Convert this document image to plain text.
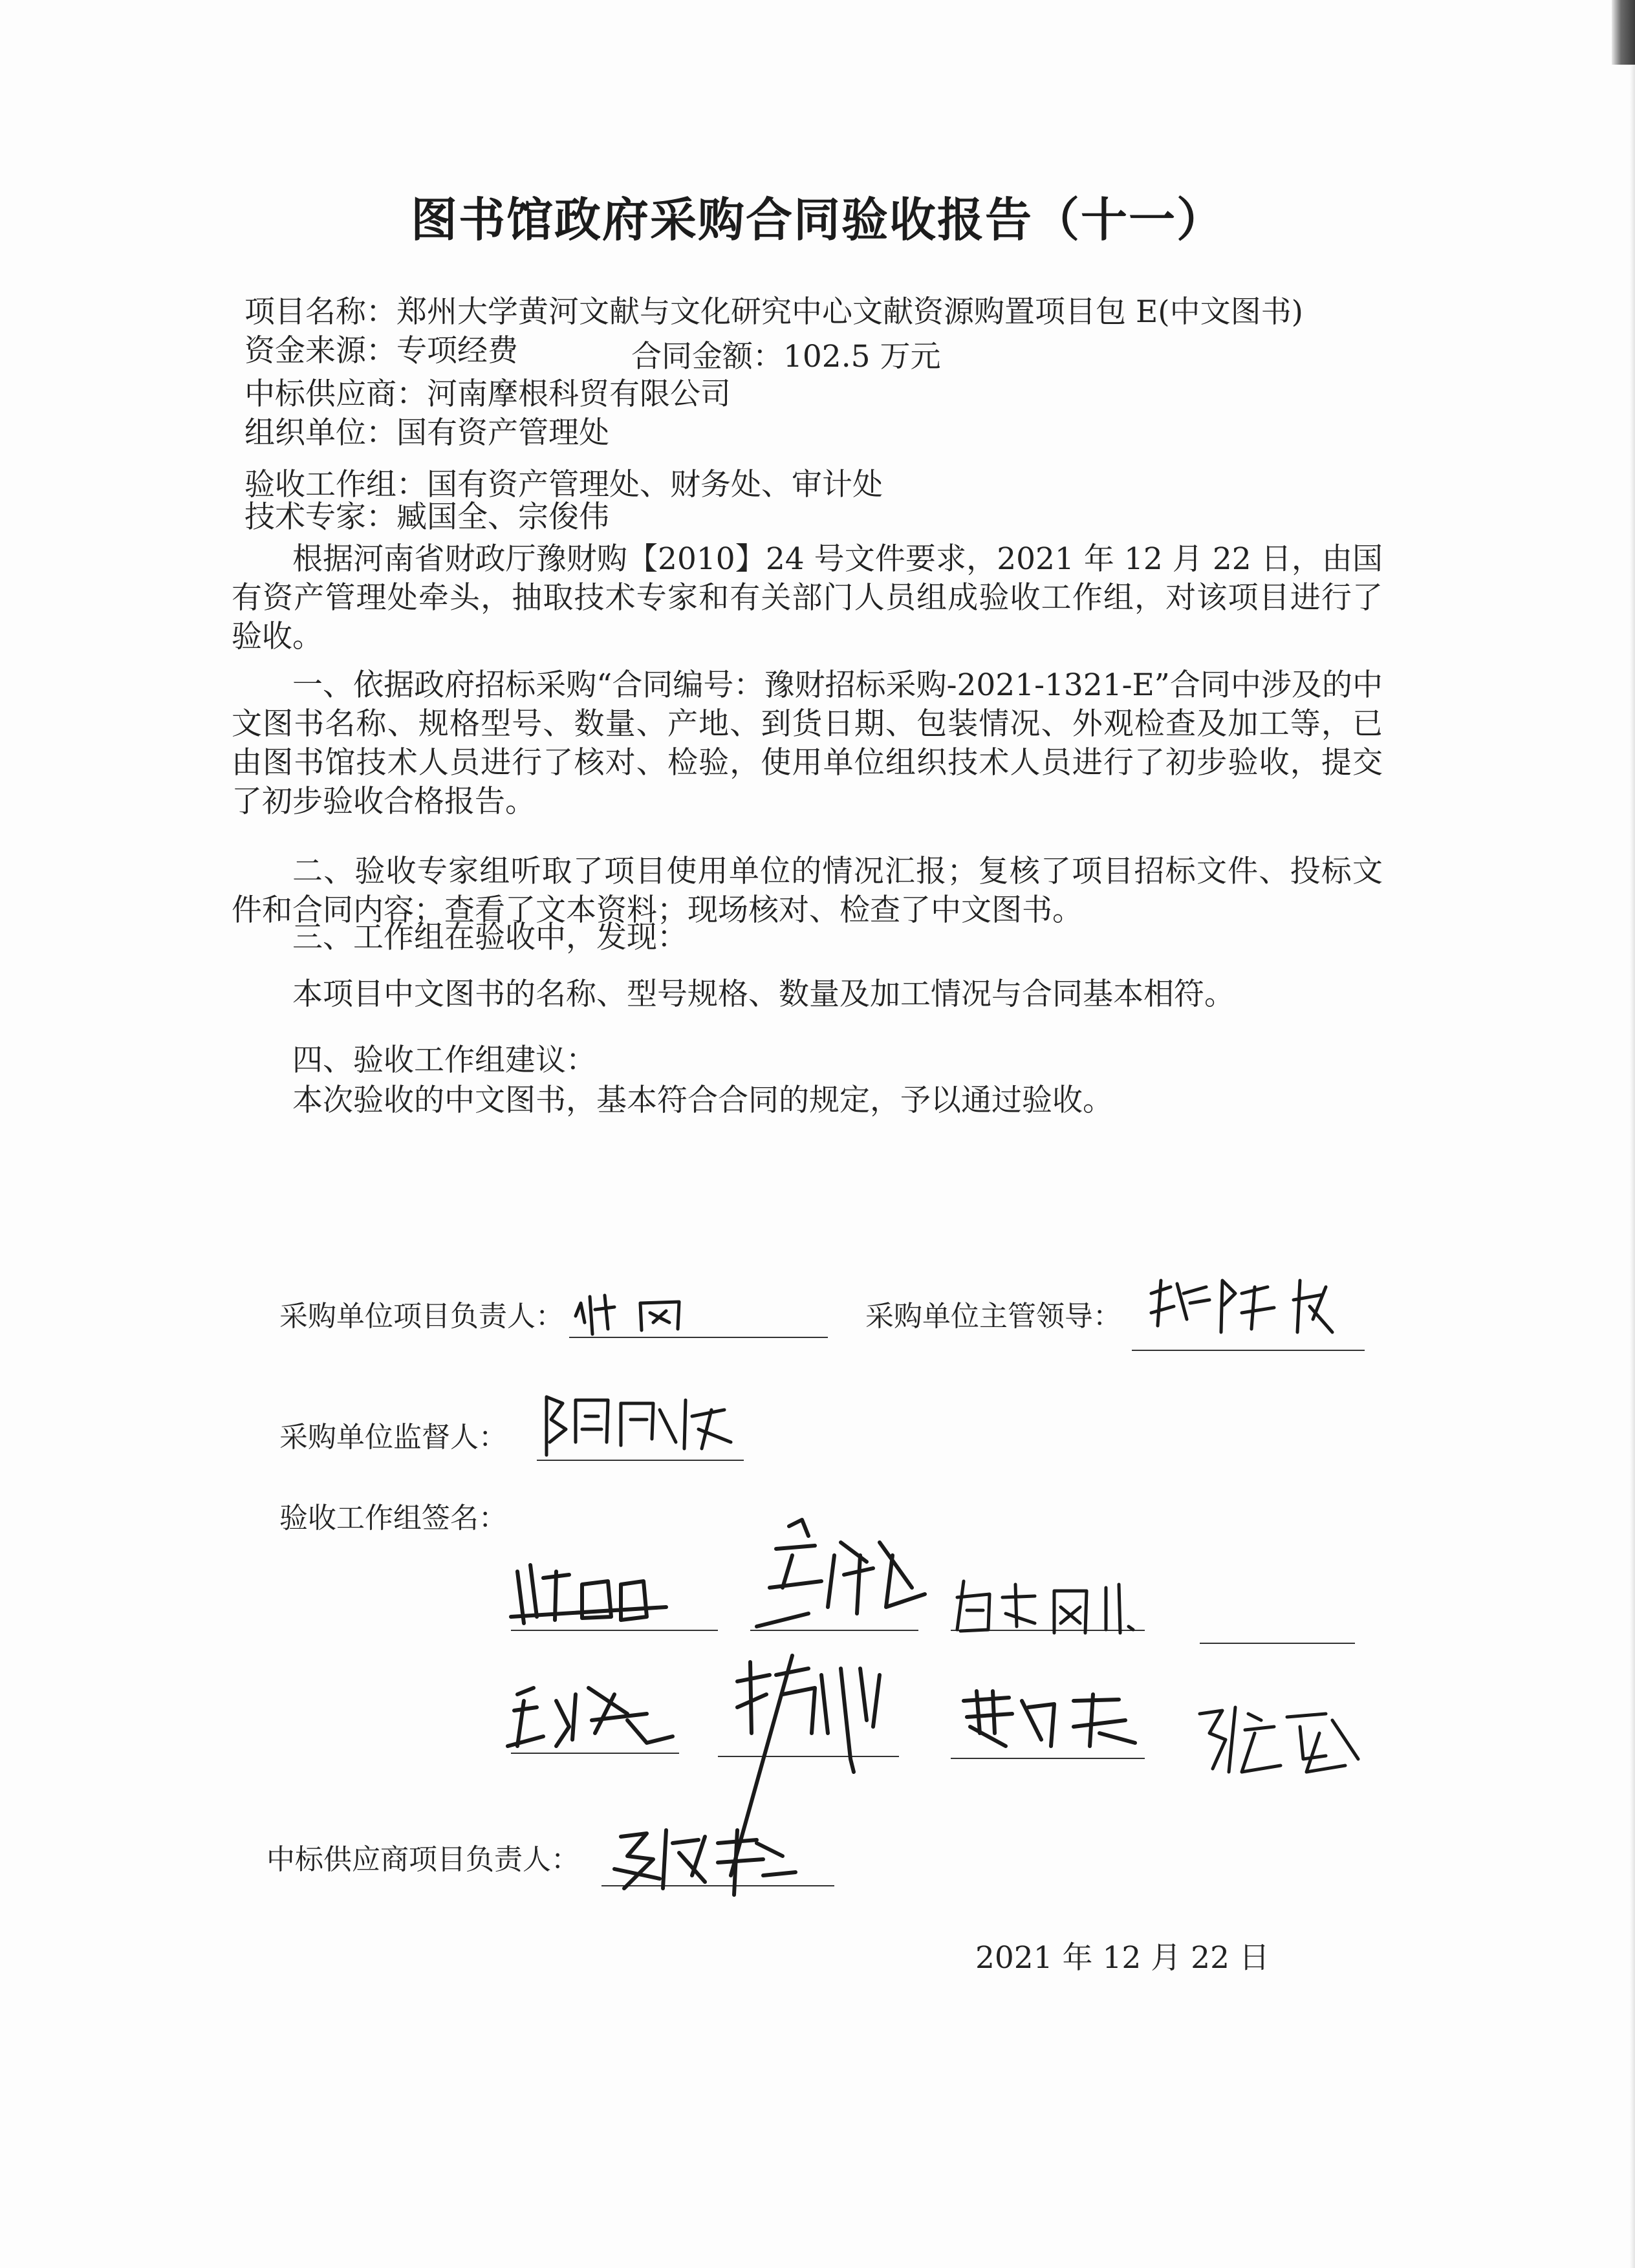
图书馆政府采购合同验收报告（十一）
项目名称：郑州大学黄河文献与文化研究中心文献资源购置项目包 E(中文图书)
资金来源：专项经费	合同金额：102.5 万元
中标供应商：河南摩根科贸有限公司
组织单位：国有资产管理处
验收工作组：国有资产管理处、财务处、审计处
技术专家：臧国全、宗俊伟
根据河南省财政厅豫财购【2010】24 号文件要求，2021 年 12 月 22 日，由国有资产管理处牵头，抽取技术专家和有关部门人员组成验收工作组，对该项目进行了验收。
一、依据政府招标采购“合同编号：豫财招标采购-2021-1321-E”合同中涉及的中文图书名称、规格型号、数量、产地、到货日期、包装情况、外观检查及加工等，已由图书馆技术人员进行了核对、检验，使用单位组织技术人员进行了初步验收，提交了初步验收合格报告。
二、验收专家组听取了项目使用单位的情况汇报；复核了项目招标文件、投标文件和合同内容；查看了文本资料；现场核对、检查了中文图书。
三、工作组在验收中，发现：
本项目中文图书的名称、型号规格、数量及加工情况与合同基本相符。
四、验收工作组建议：
本次验收的中文图书，基本符合合同的规定，予以通过验收。
采购单位项目负责人：	采购单位主管领导：
采购单位监督人：
验收工作组签名：
中标供应商项目负责人：
2021 年 12 月 22 日
